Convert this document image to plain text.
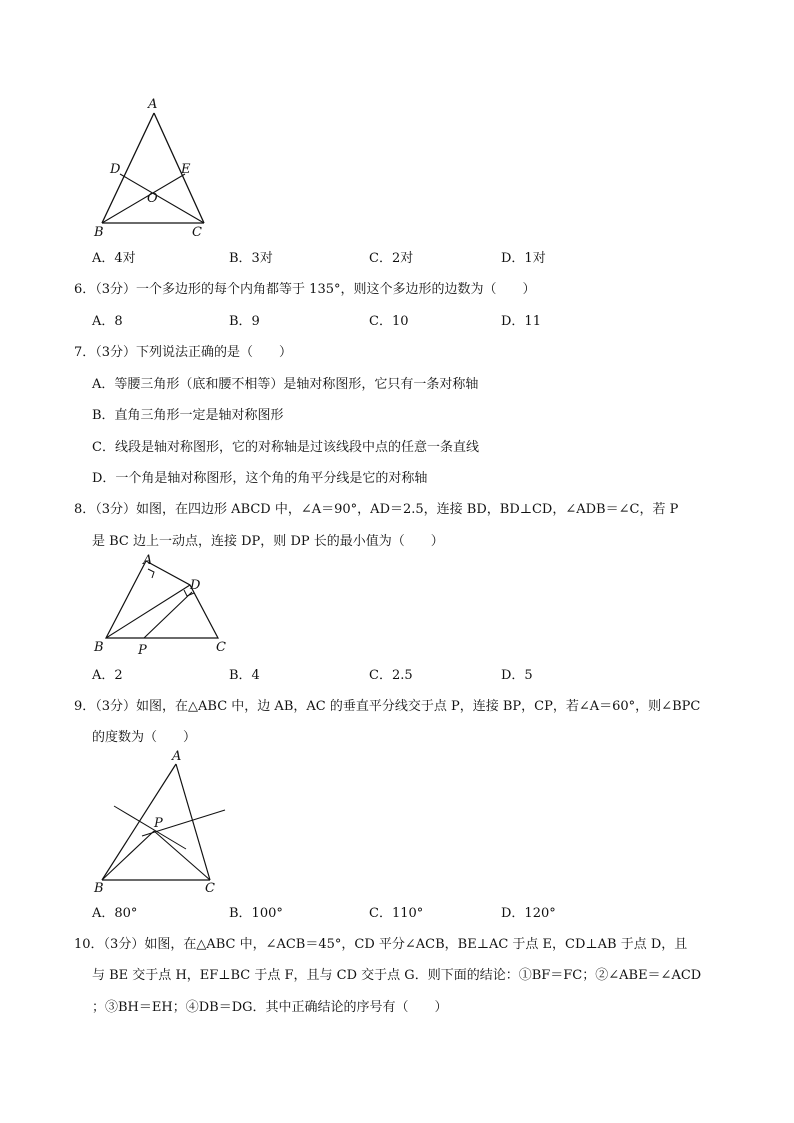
A
D	E
O
B	C
A．4对	B．3对	C．2对	D．1对
6．（3分）一个多边形的每个内角都等于 135°，则这个多边形的边数为（　　）
A．8	B．9	C．10	D．11
7．（3分）下列说法正确的是（　　）
A．等腰三角形（底和腰不相等）是轴对称图形，它只有一条对称轴
B．直角三角形一定是轴对称图形
C．线段是轴对称图形，它的对称轴是过该线段中点的任意一条直线
D．一个角是轴对称图形，这个角的角平分线是它的对称轴
8．（3分）如图，在四边形 ABCD 中，∠A＝90°，AD＝2.5，连接 BD，BD⊥CD，∠ADB＝∠C，若 P
是 BC 边上一动点，连接 DP，则 DP 长的最小值为（　　）
A
D
B	P	C
A．2	B．4	C．2.5	D．5
9．（3分）如图，在△ABC 中，边 AB，AC 的垂直平分线交于点 P，连接 BP，CP，若∠A＝60°，则∠BPC
的度数为（　　）
A
P
B	C
A．80°	B．100°	C．110°	D．120°
10．（3分）如图，在△ABC 中，∠ACB＝45°，CD 平分∠ACB，BE⊥AC 于点 E，CD⊥AB 于点 D，且
与 BE 交于点 H，EF⊥BC 于点 F，且与 CD 交于点 G．则下面的结论：①BF＝FC；②∠ABE＝∠ACD
；③BH＝EH；④DB＝DG．其中正确结论的序号有（　　）
